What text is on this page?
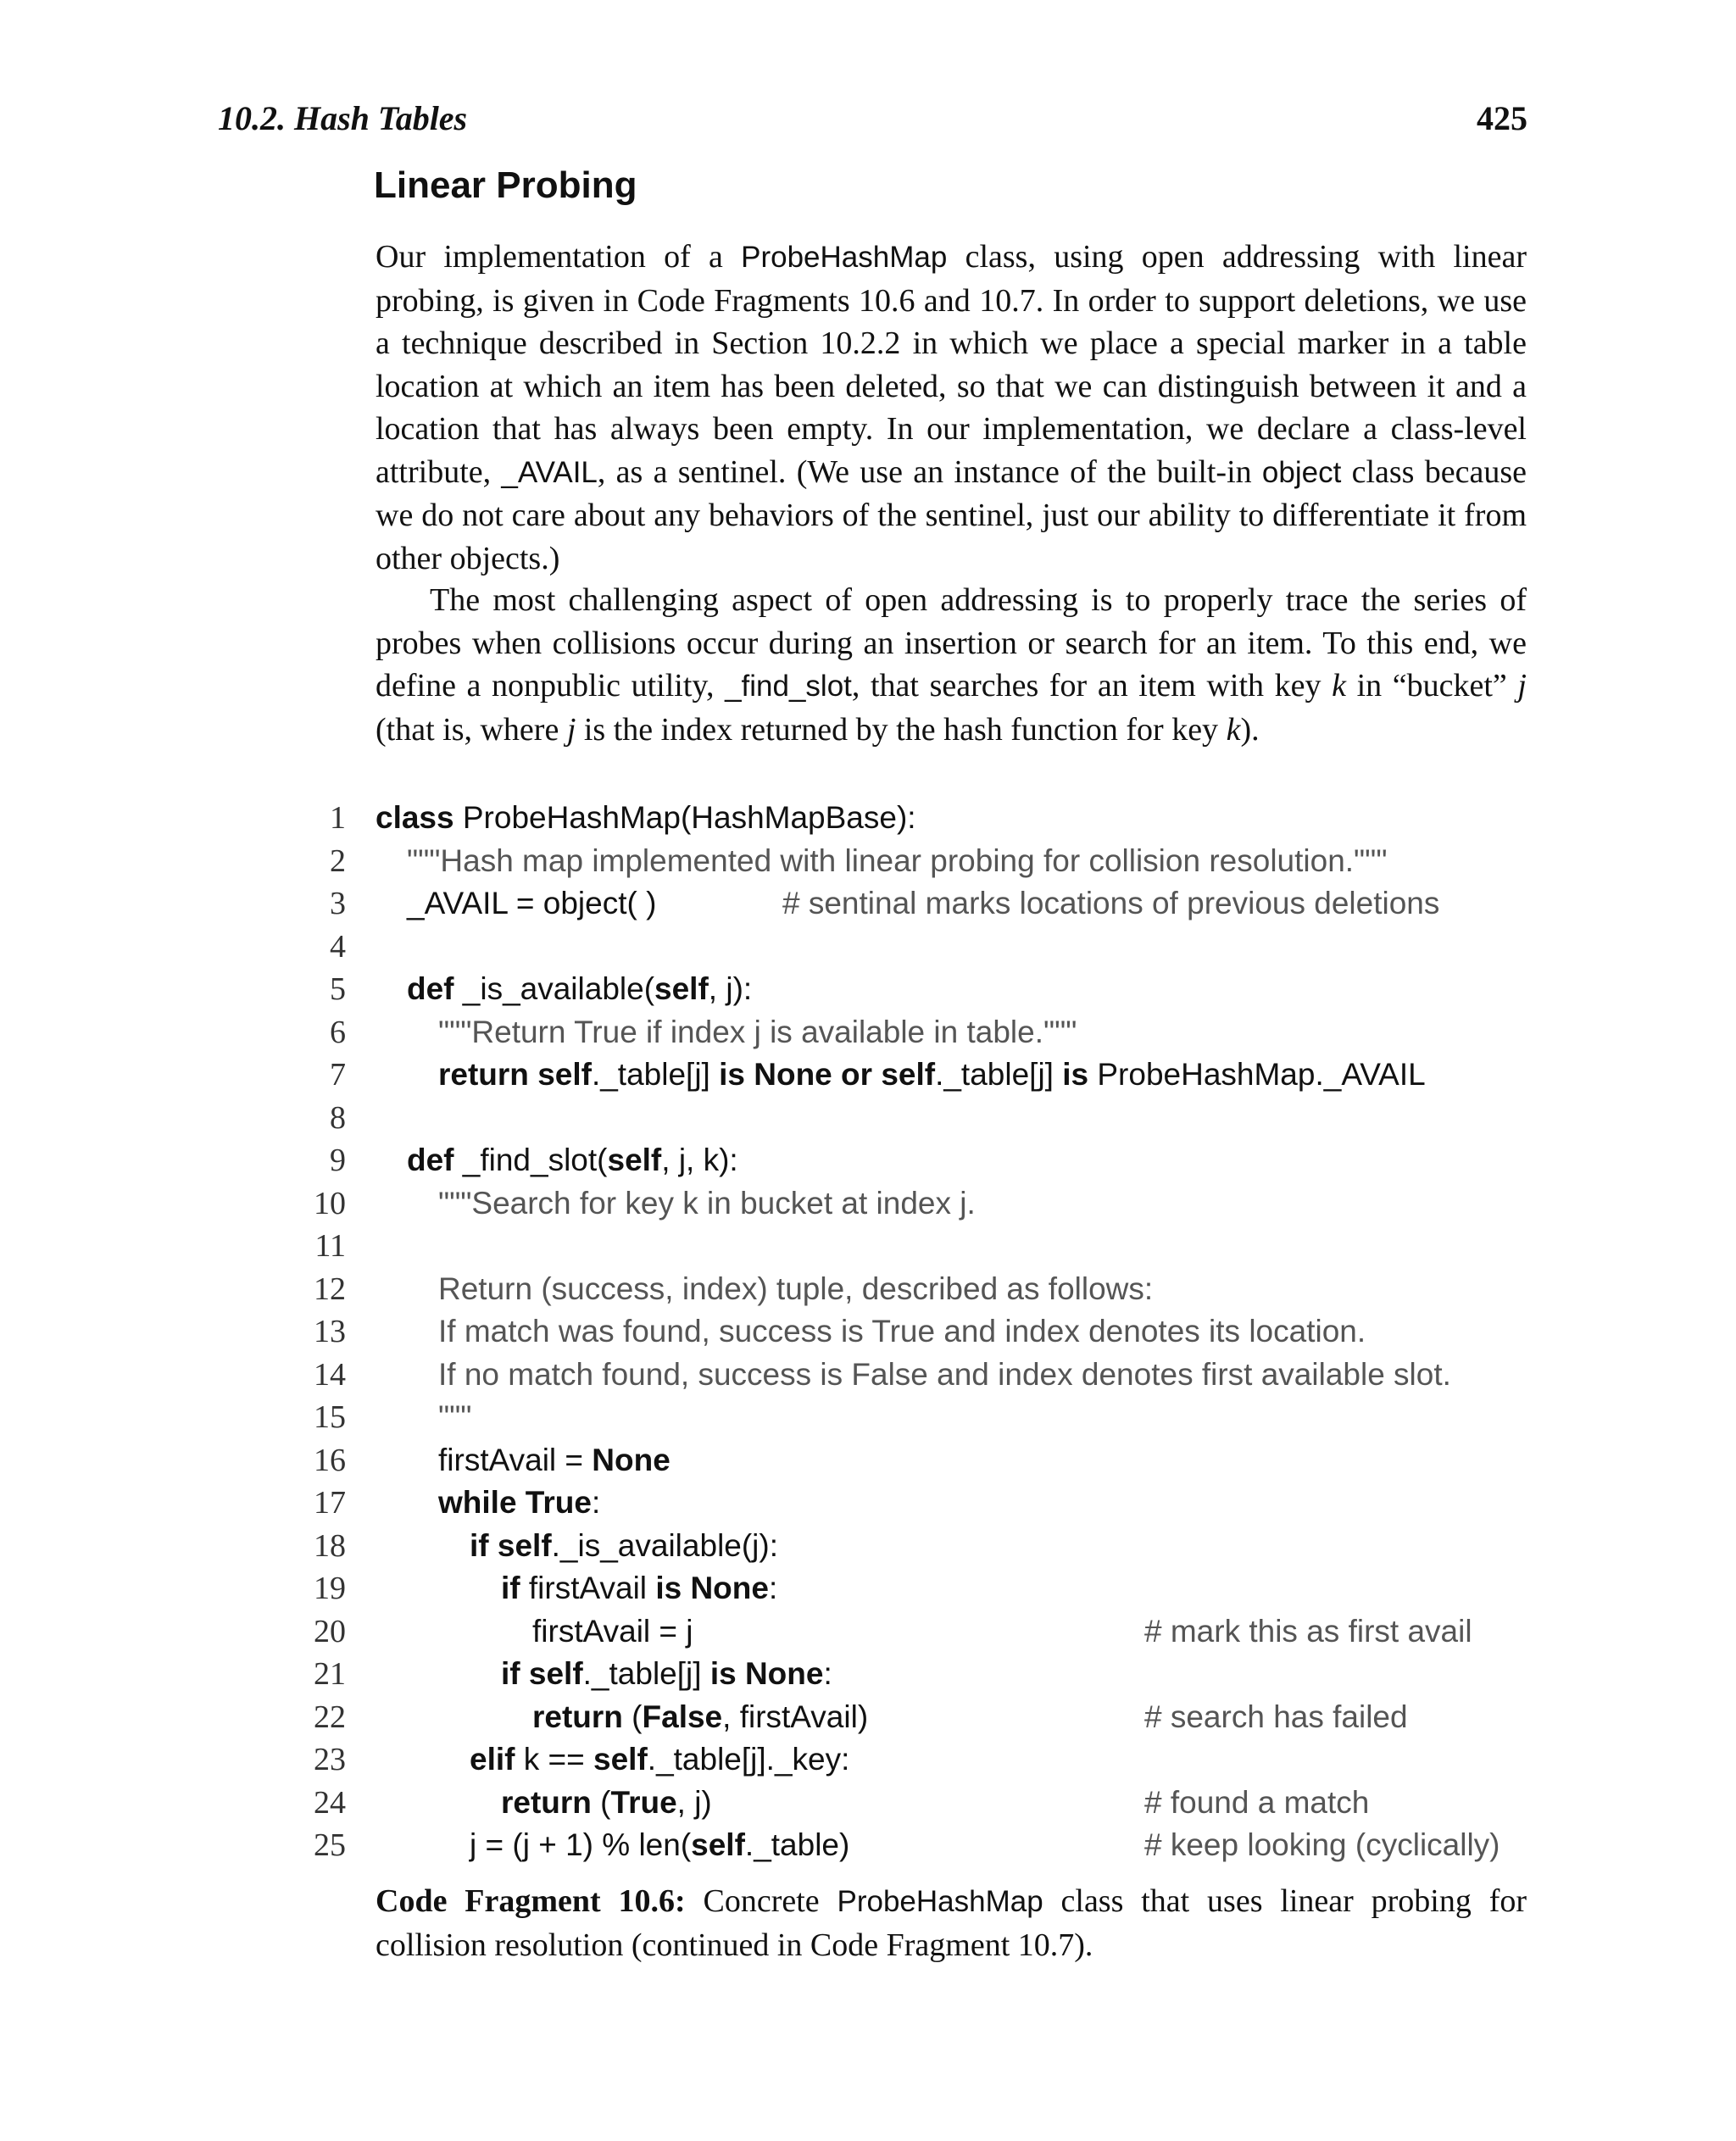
10.2. Hash Tables	425
Linear Probing
Our implementation of a ProbeHashMap class, using open addressing with linear probing, is given in Code Fragments 10.6 and 10.7. In order to support deletions, we use a technique described in Section 10.2.2 in which we place a special marker in a table location at which an item has been deleted, so that we can distinguish between it and a location that has always been empty. In our implementation, we declare a class-level attribute, _AVAIL, as a sentinel. (We use an instance of the built-in object class because we do not care about any behaviors of the sentinel, just our ability to differentiate it from other objects.)
The most challenging aspect of open addressing is to properly trace the series of probes when collisions occur during an insertion or search for an item. To this end, we define a nonpublic utility, _find_slot, that searches for an item with key k in “bucket” j (that is, where j is the index returned by the hash function for key k).
1 class ProbeHashMap(HashMapBase):
2 """Hash map implemented with linear probing for collision resolution."""
3 _AVAIL = object( )	# sentinal marks locations of previous deletions
4
5 def _is_available(self, j):
6	"""Return True if index j is available in table."""
7	return self._table[j] is None or self._table[j] is ProbeHashMap._AVAIL
8
9 def _find_slot(self, j, k):
10	"""Search for key k in bucket at index j.
11
12	Return (success, index) tuple, described as follows:
13	If match was found, success is True and index denotes its location.
14	If no match found, success is False and index denotes first available slot.
15	"""
16	firstAvail = None
17	while True:
18	if self._is_available(j):
19	if firstAvail is None:
20	firstAvail = j	# mark this as first avail
21	if self._table[j] is None:
22	return (False, firstAvail)	# search has failed
23	elif k == self._table[j]._key:
24	return (True, j)	# found a match
25	j = (j + 1) % len(self._table)	# keep looking (cyclically)
Code Fragment 10.6: Concrete ProbeHashMap class that uses linear probing for collision resolution (continued in Code Fragment 10.7).
